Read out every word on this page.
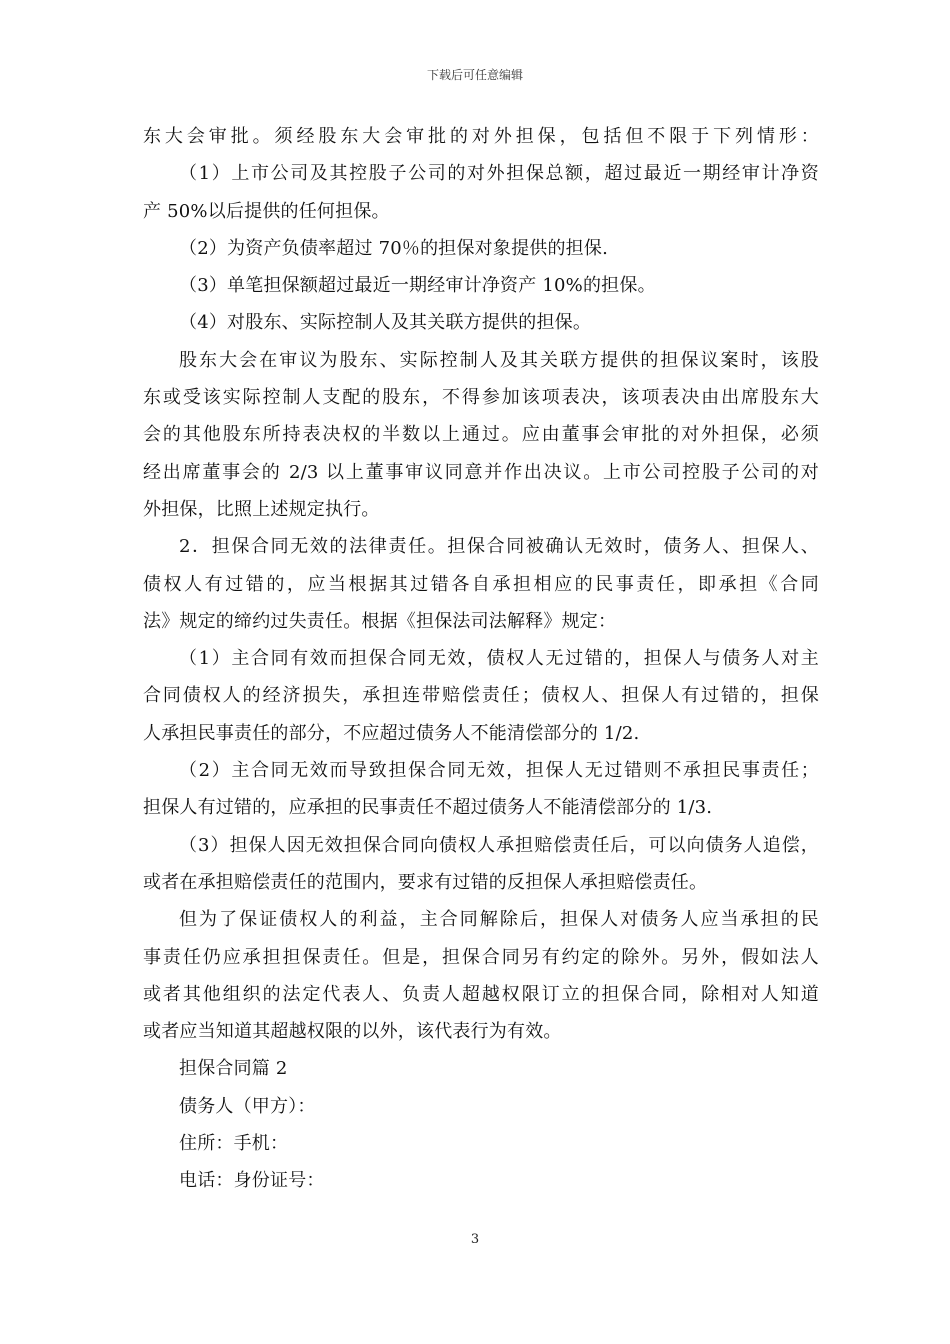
下载后可任意编辑
东大会审批。须经股东大会审批的对外担保，包括但不限于下列情形：
（1）上市公司及其控股子公司的对外担保总额，超过最近一期经审计净资
产 50%以后提供的任何担保。
（2）为资产负债率超过 70％的担保对象提供的担保.
（3）单笔担保额超过最近一期经审计净资产 10%的担保。
（4）对股东、实际控制人及其关联方提供的担保。
股东大会在审议为股东、实际控制人及其关联方提供的担保议案时，该股
东或受该实际控制人支配的股东，不得参加该项表决，该项表决由出席股东大
会的其他股东所持表决权的半数以上通过。应由董事会审批的对外担保，必须
经出席董事会的 2/3 以上董事审议同意并作出决议。上市公司控股子公司的对
外担保，比照上述规定执行。
2．担保合同无效的法律责任。担保合同被确认无效时，债务人、担保人、
债权人有过错的，应当根据其过错各自承担相应的民事责任，即承担《合同
法》规定的缔约过失责任。根据《担保法司法解释》规定：
（1）主合同有效而担保合同无效，债权人无过错的，担保人与债务人对主
合同债权人的经济损失，承担连带赔偿责任；债权人、担保人有过错的，担保
人承担民事责任的部分，不应超过债务人不能清偿部分的 1/2.
（2）主合同无效而导致担保合同无效，担保人无过错则不承担民事责任；
担保人有过错的，应承担的民事责任不超过债务人不能清偿部分的 1/3.
（3）担保人因无效担保合同向债权人承担赔偿责任后，可以向债务人追偿，
或者在承担赔偿责任的范围内，要求有过错的反担保人承担赔偿责任。
但为了保证债权人的利益，主合同解除后，担保人对债务人应当承担的民
事责任仍应承担担保责任。但是，担保合同另有约定的除外。另外，假如法人
或者其他组织的法定代表人、负责人超越权限订立的担保合同，除相对人知道
或者应当知道其超越权限的以外，该代表行为有效。
担保合同篇 2
债务人（甲方）：
住所：手机：
电话：身份证号：
3
